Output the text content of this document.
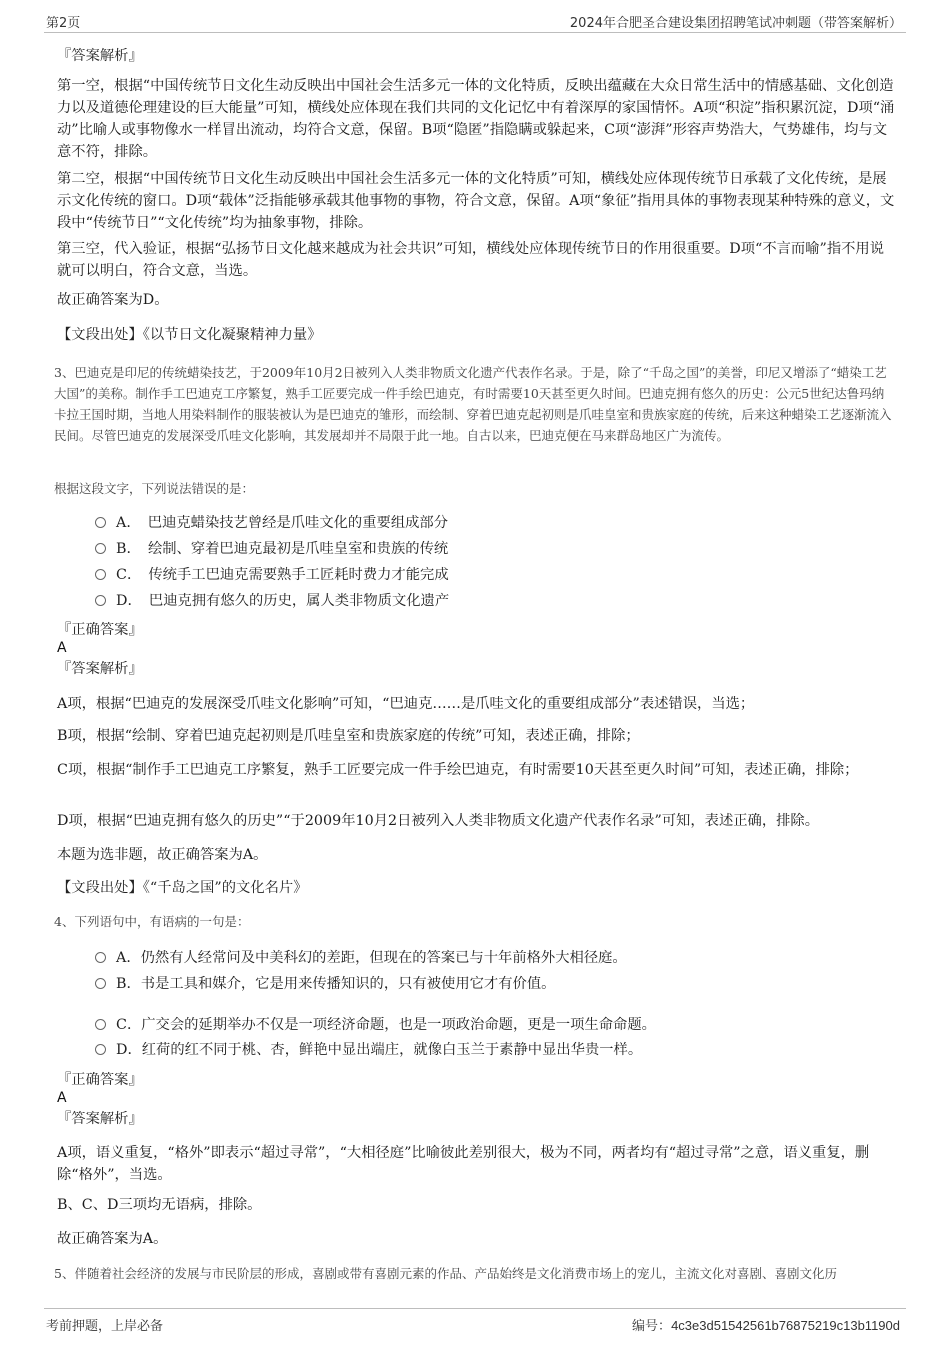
第2页	2024年合肥圣合建设集团招聘笔试冲刺题（带答案解析）
『答案解析』

第一空，根据“中国传统节日文化生动反映出中国社会生活多元一体的文化特质，反映出蕴藏在大众日常生活中的情感基础、文化创造力以及道德伦理建设的巨大能量”可知，横线处应体现在我们共同的文化记忆中有着深厚的家国情怀。A项“积淀”指积累沉淀，D项“涌动”比喻人或事物像水一样冒出流动，均符合文意，保留。B项“隐匿”指隐瞒或躲起来，C项“澎湃”形容声势浩大，气势雄伟，均与文意不符，排除。

第二空，根据“中国传统节日文化生动反映出中国社会生活多元一体的文化特质”可知，横线处应体现传统节日承载了文化传统，是展示文化传统的窗口。D项“载体”泛指能够承载其他事物的事物，符合文意，保留。A项“象征”指用具体的事物表现某种特殊的意义，文段中“传统节日”“文化传统”均为抽象事物，排除。

第三空，代入验证，根据“弘扬节日文化越来越成为社会共识”可知，横线处应体现传统节日的作用很重要。D项“不言而喻”指不用说就可以明白，符合文意，当选。

故正确答案为D。

【文段出处】《以节日文化凝聚精神力量》

3、巴迪克是印尼的传统蜡染技艺，于2009年10月2日被列入人类非物质文化遗产代表作名录。于是，除了“千岛之国”的美誉，印尼又增添了“蜡染工艺大国”的美称。制作手工巴迪克工序繁复，熟手工匠要完成一件手绘巴迪克，有时需要10天甚至更久时间。巴迪克拥有悠久的历史：公元5世纪达鲁玛纳卡拉王国时期，当地人用染料制作的服装被认为是巴迪克的雏形，而绘制、穿着巴迪克起初则是爪哇皇室和贵族家庭的传统，后来这种蜡染工艺逐渐流入民间。尽管巴迪克的发展深受爪哇文化影响，其发展却并不局限于此一地。自古以来，巴迪克便在马来群岛地区广为流传。

根据这段文字，下列说法错误的是：
A．　巴迪克蜡染技艺曾经是爪哇文化的重要组成部分
B．　绘制、穿着巴迪克最初是爪哇皇室和贵族的传统
C．　传统手工巴迪克需要熟手工匠耗时费力才能完成
D．　巴迪克拥有悠久的历史，属人类非物质文化遗产
『正确答案』
A
『答案解析』

A项，根据“巴迪克的发展深受爪哇文化影响”可知，“巴迪克……是爪哇文化的重要组成部分”表述错误，当选；

B项，根据“绘制、穿着巴迪克起初则是爪哇皇室和贵族家庭的传统”可知，表述正确，排除；

C项，根据“制作手工巴迪克工序繁复，熟手工匠要完成一件手绘巴迪克，有时需要10天甚至更久时间”可知，表述正确，排除；

D项，根据“巴迪克拥有悠久的历史”“于2009年10月2日被列入人类非物质文化遗产代表作名录”可知，表述正确，排除。

本题为选非题，故正确答案为A。

【文段出处】《“千岛之国”的文化名片》

4、下列语句中，有语病的一句是：

A．仍然有人经常问及中美科幻的差距，但现在的答案已与十年前格外大相径庭。
B．书是工具和媒介，它是用来传播知识的，只有被使用它才有价值。
C．广交会的延期举办不仅是一项经济命题，也是一项政治命题，更是一项生命命题。
D．红荷的红不同于桃、杏，鲜艳中显出端庄，就像白玉兰于素静中显出华贵一样。
『正确答案』
A
『答案解析』

A项，语义重复，“格外”即表示“超过寻常”，“大相径庭”比喻彼此差别很大，极为不同，两者均有“超过寻常”之意，语义重复，删除“格外”，当选。

B、C、D三项均无语病，排除。

故正确答案为A。

5、伴随着社会经济的发展与市民阶层的形成，喜剧或带有喜剧元素的作品、产品始终是文化消费市场上的宠儿，主流文化对喜剧、喜剧文化历

考前押题，上岸必备	编号：4c3e3d51542561b76875219c13b1190d
